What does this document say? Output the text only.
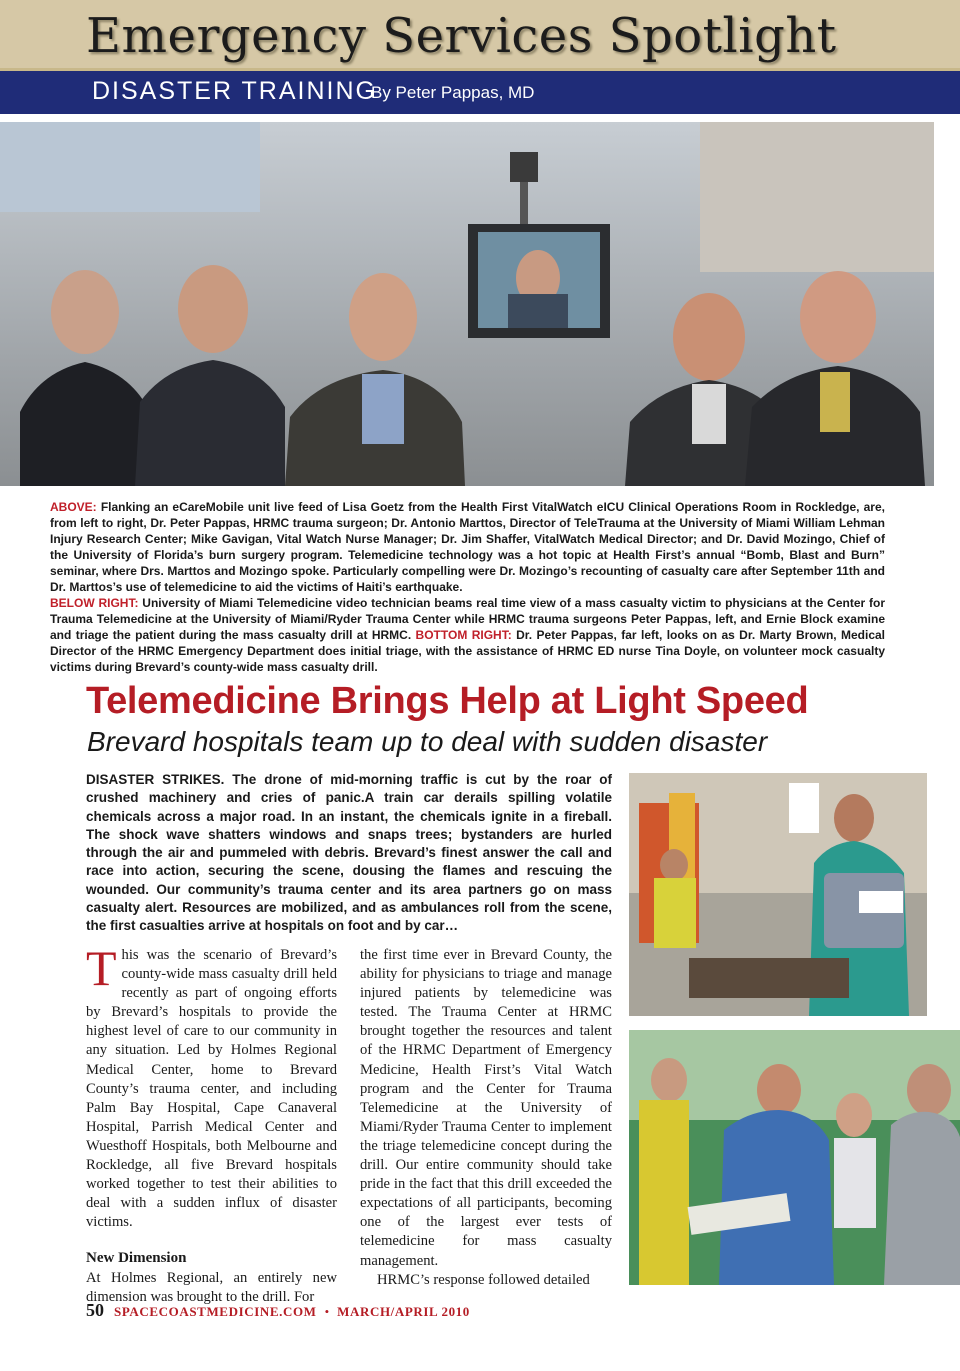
Emergency Services Spotlight
DISASTER TRAINING
By Peter Pappas, MD
ABOVE: Flanking an eCareMobile unit live feed of Lisa Goetz from the Health First VitalWatch eICU Clinical Operations Room in Rockledge, are, from left to right, Dr. Peter Pappas, HRMC trauma surgeon; Dr. Antonio Marttos, Director of TeleTrauma at the University of Miami William Lehman Injury Research Center; Mike Gavigan, Vital Watch Nurse Manager; Dr. Jim Shaffer, VitalWatch Medical Director; and Dr. David Mozingo, Chief of the University of Florida’s burn surgery program. Telemedicine technology was a hot topic at Health First’s annual “Bomb, Blast and Burn” seminar, where Drs. Marttos and Mozingo spoke. Particularly compelling were Dr. Mozingo’s recounting of casualty care after September 11th and Dr. Marttos’s use of telemedicine to aid the victims of Haiti’s earthquake.
BELOW RIGHT: University of Miami Telemedicine video technician beams real time view of a mass casualty victim to physicians at the Center for Trauma Telemedicine at the University of Miami/Ryder Trauma Center while HRMC trauma surgeons Peter Pappas, left, and Ernie Block examine and triage the patient during the mass casualty drill at HRMC. BOTTOM RIGHT: Dr. Peter Pappas, far left, looks on as Dr. Marty Brown, Medical Director of the HRMC Emergency Department does initial triage, with the assistance of HRMC ED nurse Tina Doyle, on volunteer mock casualty victims during Brevard’s county-wide mass casualty drill.
Telemedicine Brings Help at Light Speed
Brevard hospitals team up to deal with sudden disaster
DISASTER STRIKES. The drone of mid-morning traffic is cut by the roar of crushed machinery and cries of panic.A train car derails spilling volatile chemicals across a major road. In an instant, the chemicals ignite in a fireball. The shock wave shatters windows and snaps trees; bystanders are hurled through the air and pummeled with debris. Brevard’s finest answer the call and race into action, securing the scene, dousing the flames and rescuing the wounded. Our community’s trauma center and its area partners go on mass casualty alert. Resources are mobilized, and as ambulances roll from the scene, the first casualties arrive at hospitals on foot and by car…

This was the scenario of Brevard’s county-wide mass casualty drill held recently as part of ongoing efforts by Brevard’s hospitals to provide the highest level of care to our community in any situation. Led by Holmes Regional Medical Center, home to Brevard County’s trauma center, and including Palm Bay Hospital, Cape Canaveral Hospital, Parrish Medical Center and Wuesthoff Hospitals, both Melbourne and Rockledge, all five Brevard hospitals worked together to test their abilities to deal with a sudden influx of disaster victims.

New Dimension

At Holmes Regional, an entirely new dimension was brought to the drill. For

the first time ever in Brevard County, the ability for physicians to triage and manage injured patients by telemedicine was tested. The Trauma Center at HRMC brought together the resources and talent of the HRMC Department of Emergency Medicine, Health First’s Vital Watch program and the Center for Trauma Telemedicine at the University of Miami/Ryder Trauma Center to implement the triage telemedicine concept during the drill. Our entire community should take pride in the fact that this drill exceeded the expectations of all participants, becoming one of the largest ever tests of telemedicine for mass casualty management.

HRMC’s response followed detailed

50 SPACECOASTMEDICINE.COM • MARCH/APRIL 2010
